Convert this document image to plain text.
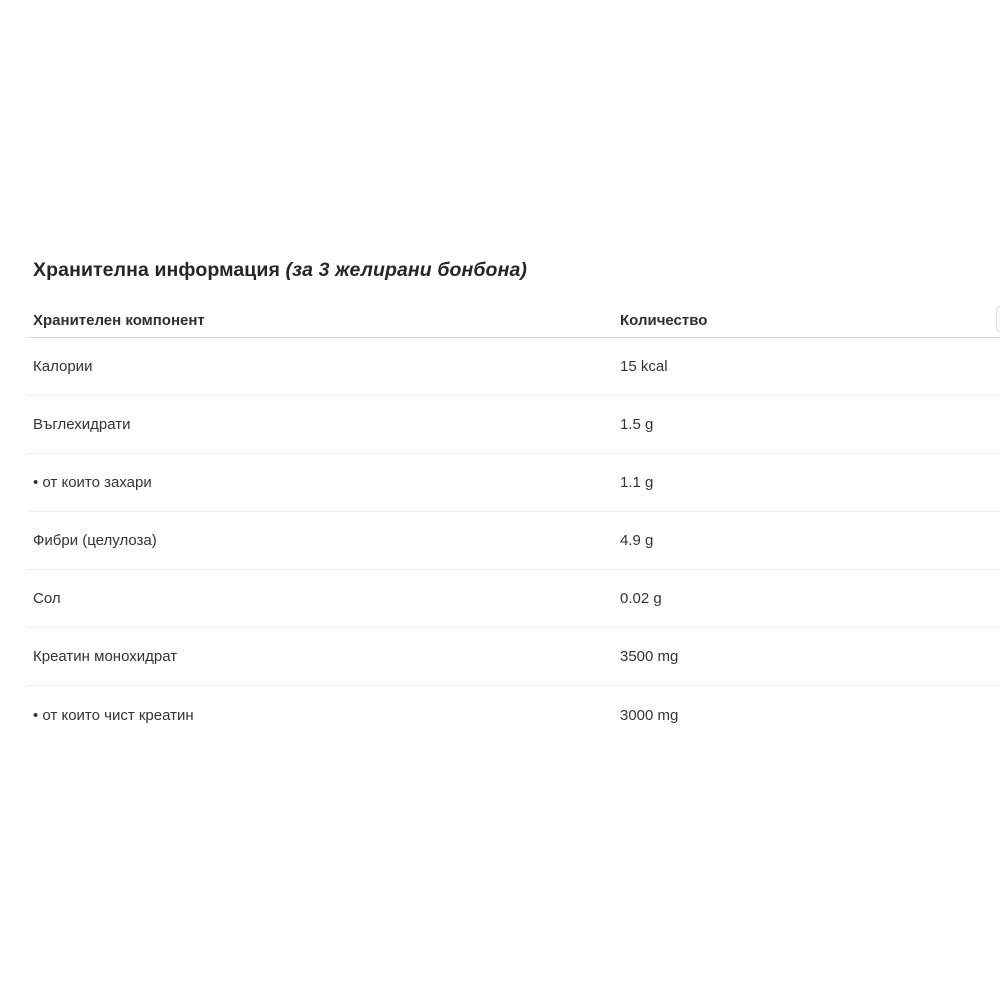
Хранителна информация (за 3 желирани бонбона)
Хранителен компонент	Количество
Калории	15 kcal
Въглехидрати	1.5 g
• от които захари	1.1 g
Фибри (целулоза)	4.9 g
Сол	0.02 g
Креатин монохидрат	3500 mg
• от които чист креатин	3000 mg
